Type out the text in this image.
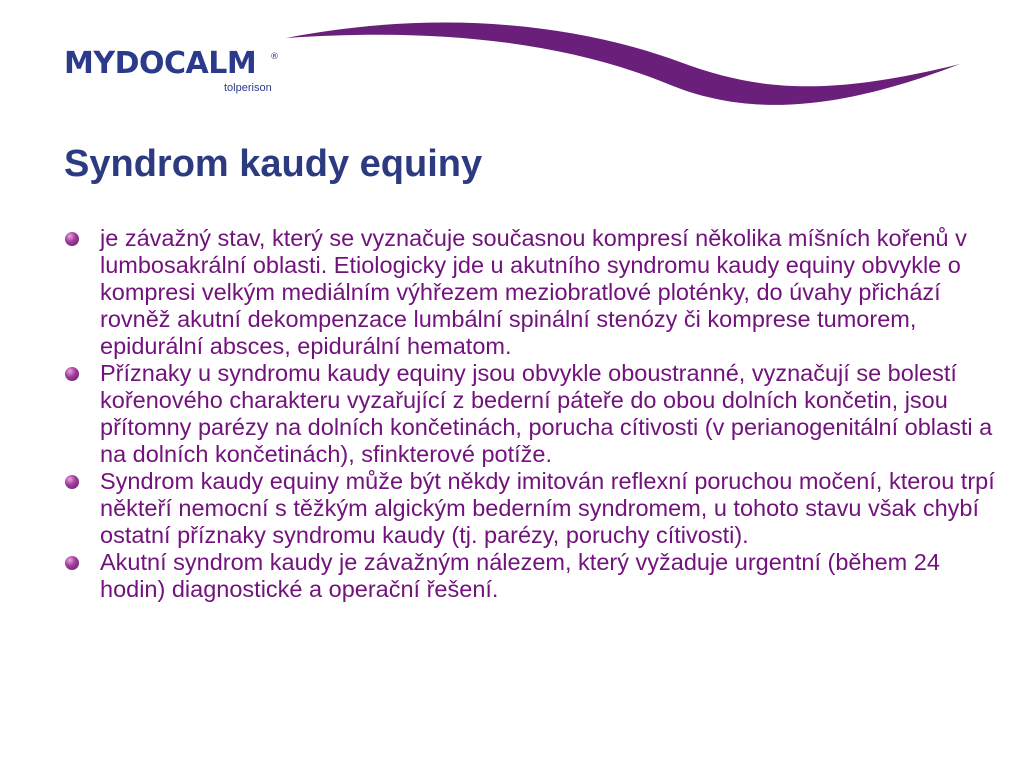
MYDOCALM ®
tolperison
Syndrom kaudy equiny
je závažný stav, který se vyznačuje současnou kompresí několika míšních kořenů v lumbosakrální oblasti. Etiologicky jde u akutního syndromu kaudy equiny obvykle o kompresi velkým mediálním výhřezem meziobratlové ploténky, do úvahy přichází rovněž akutní dekompenzace lumbální spinální stenózy či komprese tumorem, epidurální absces, epidurální hematom.
Příznaky u syndromu kaudy equiny jsou obvykle oboustranné, vyznačují se bolestí kořenového charakteru vyzařující z bederní páteře do obou dolních končetin, jsou přítomny parézy na dolních končetinách, porucha cítivosti (v perianogenitální oblasti a na dolních končetinách), sfinkterové potíže.
Syndrom kaudy equiny může být někdy imitován reflexní poruchou močení, kterou trpí někteří nemocní s těžkým algickým bederním syndromem, u tohoto stavu však chybí ostatní příznaky syndromu kaudy (tj. parézy, poruchy cítivosti).
Akutní syndrom kaudy je závažným nálezem, který vyžaduje urgentní (během 24 hodin) diagnostické a operační řešení.
